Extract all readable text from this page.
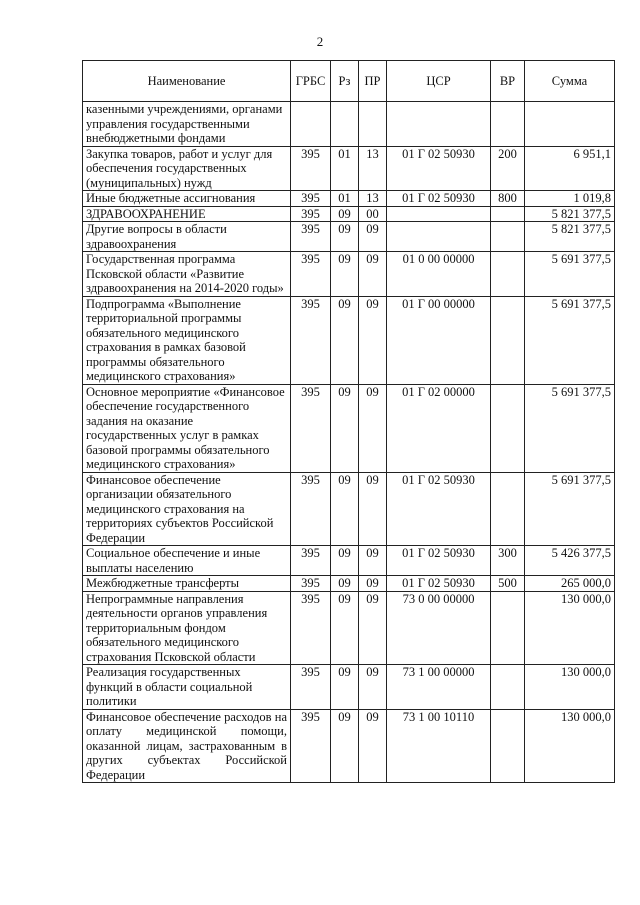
2
Наименование	ГРБС	Рз	ПР	ЦСР	ВР	Сумма
казенными учреждениями, органами управления государственными внебюджетными фондами						
Закупка товаров, работ и услуг для обеспечения государственных (муниципальных) нужд	395	01	13	01 Г 02 50930	200	6 951,1
Иные бюджетные ассигнования	395	01	13	01 Г 02 50930	800	1 019,8
ЗДРАВООХРАНЕНИЕ	395	09	00			5 821 377,5
Другие вопросы в области здравоохранения	395	09	09			5 821 377,5
Государственная программа Псковской области «Развитие здравоохранения на 2014-2020 годы»	395	09	09	01 0 00 00000		5 691 377,5
Подпрограмма «Выполнение территориальной программы обязательного медицинского страхования в рамках базовой программы обязательного медицинского страхования»	395	09	09	01 Г 00 00000		5 691 377,5
Основное мероприятие «Финансовое обеспечение государственного задания на оказание государственных услуг в рамках базовой программы обязательного медицинского страхования»	395	09	09	01 Г 02 00000		5 691 377,5
Финансовое обеспечение организации обязательного медицинского страхования на территориях субъектов Российской Федерации	395	09	09	01 Г 02 50930		5 691 377,5
Социальное обеспечение и иные выплаты населению	395	09	09	01 Г 02 50930	300	5 426 377,5
Межбюджетные трансферты	395	09	09	01 Г 02 50930	500	265 000,0
Непрограммные направления деятельности органов управления территориальным фондом обязательного медицинского страхования Псковской области	395	09	09	73 0 00 00000		130 000,0
Реализация государственных функций в области социальной политики	395	09	09	73 1 00 00000		130 000,0
Финансовое обеспечение расходов на оплату медицинской помощи, оказанной лицам, застрахованным в других субъектах Российской Федерации	395	09	09	73 1 00 10110		130 000,0
